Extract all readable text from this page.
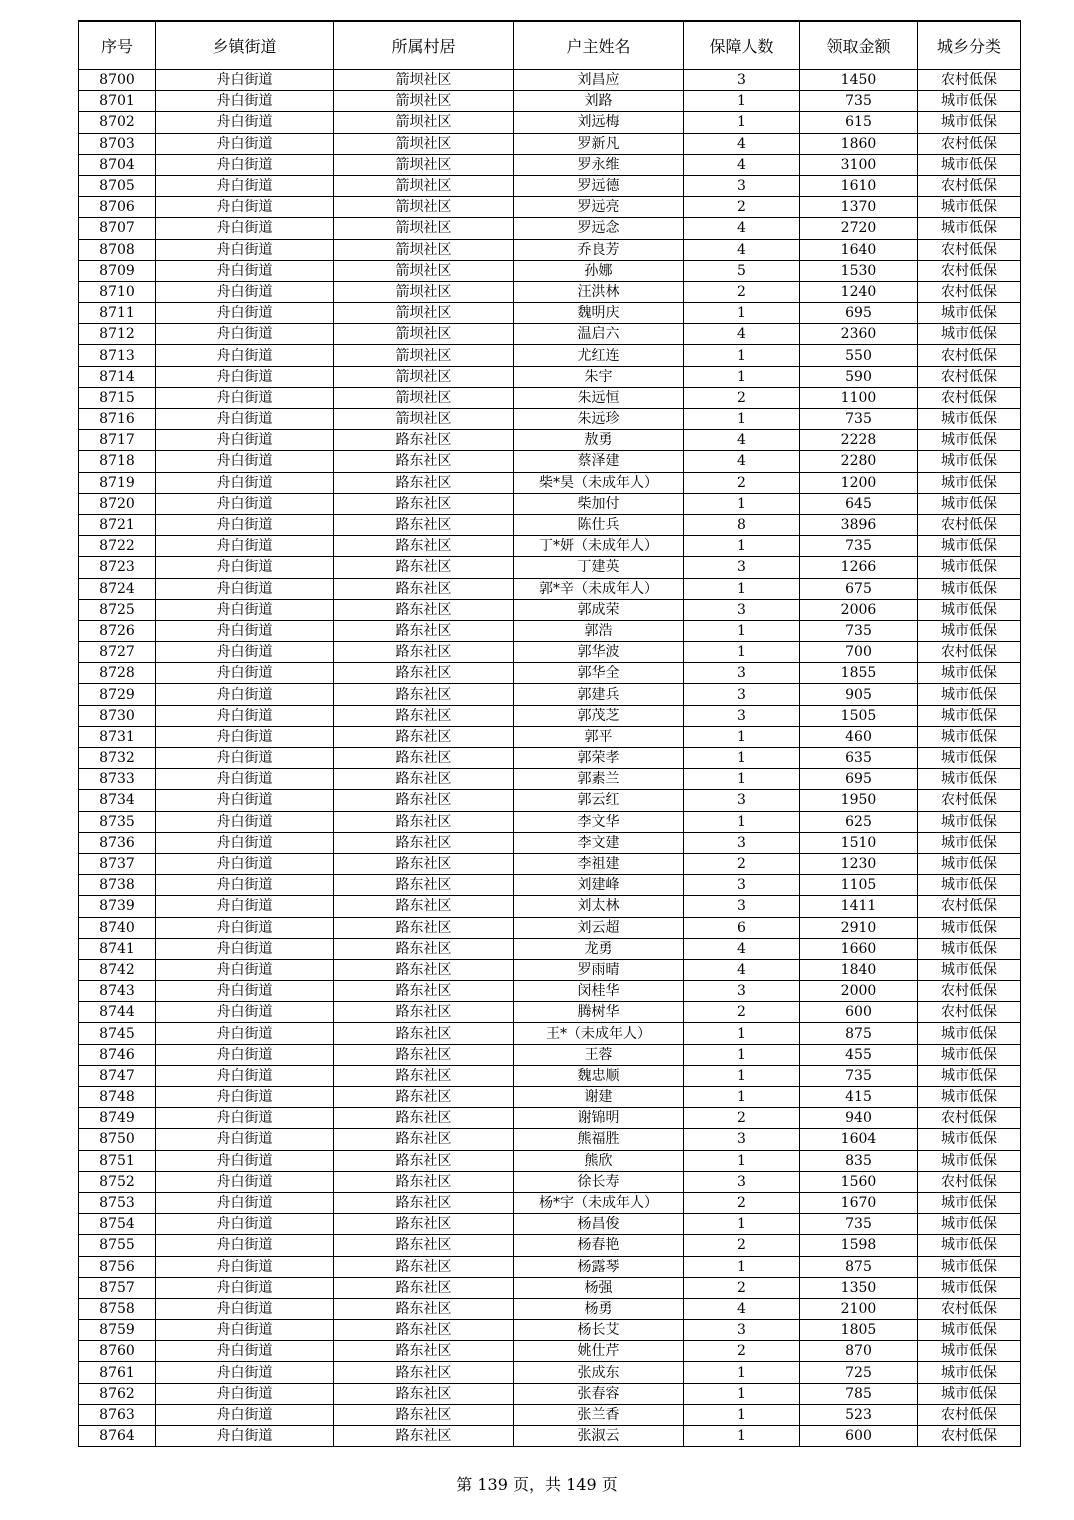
序号	乡镇街道	所属村居	户主姓名	保障人数	领取金额	城乡分类
8700	舟白街道	箭坝社区	刘昌应	3	1450	农村低保
8701	舟白街道	箭坝社区	刘路	1	735	城市低保
8702	舟白街道	箭坝社区	刘远梅	1	615	城市低保
8703	舟白街道	箭坝社区	罗新凡	4	1860	农村低保
8704	舟白街道	箭坝社区	罗永维	4	3100	城市低保
8705	舟白街道	箭坝社区	罗远德	3	1610	农村低保
8706	舟白街道	箭坝社区	罗远亮	2	1370	城市低保
8707	舟白街道	箭坝社区	罗远念	4	2720	城市低保
8708	舟白街道	箭坝社区	乔良芳	4	1640	农村低保
8709	舟白街道	箭坝社区	孙娜	5	1530	农村低保
8710	舟白街道	箭坝社区	汪洪林	2	1240	农村低保
8711	舟白街道	箭坝社区	魏明庆	1	695	城市低保
8712	舟白街道	箭坝社区	温启六	4	2360	城市低保
8713	舟白街道	箭坝社区	尤红连	1	550	农村低保
8714	舟白街道	箭坝社区	朱宇	1	590	农村低保
8715	舟白街道	箭坝社区	朱远恒	2	1100	农村低保
8716	舟白街道	箭坝社区	朱远珍	1	735	城市低保
8717	舟白街道	路东社区	敖勇	4	2228	城市低保
8718	舟白街道	路东社区	蔡泽建	4	2280	城市低保
8719	舟白街道	路东社区	柴*昊（未成年人）	2	1200	城市低保
8720	舟白街道	路东社区	柴加付	1	645	城市低保
8721	舟白街道	路东社区	陈仕兵	8	3896	农村低保
8722	舟白街道	路东社区	丁*妍（未成年人）	1	735	城市低保
8723	舟白街道	路东社区	丁建英	3	1266	城市低保
8724	舟白街道	路东社区	郭*辛（未成年人）	1	675	城市低保
8725	舟白街道	路东社区	郭成荣	3	2006	城市低保
8726	舟白街道	路东社区	郭浩	1	735	城市低保
8727	舟白街道	路东社区	郭华波	1	700	农村低保
8728	舟白街道	路东社区	郭华全	3	1855	城市低保
8729	舟白街道	路东社区	郭建兵	3	905	城市低保
8730	舟白街道	路东社区	郭茂芝	3	1505	城市低保
8731	舟白街道	路东社区	郭平	1	460	城市低保
8732	舟白街道	路东社区	郭荣孝	1	635	城市低保
8733	舟白街道	路东社区	郭素兰	1	695	城市低保
8734	舟白街道	路东社区	郭云红	3	1950	农村低保
8735	舟白街道	路东社区	李文华	1	625	城市低保
8736	舟白街道	路东社区	李文建	3	1510	城市低保
8737	舟白街道	路东社区	李祖建	2	1230	城市低保
8738	舟白街道	路东社区	刘建峰	3	1105	城市低保
8739	舟白街道	路东社区	刘太林	3	1411	农村低保
8740	舟白街道	路东社区	刘云超	6	2910	城市低保
8741	舟白街道	路东社区	龙勇	4	1660	城市低保
8742	舟白街道	路东社区	罗雨晴	4	1840	城市低保
8743	舟白街道	路东社区	闵桂华	3	2000	农村低保
8744	舟白街道	路东社区	腾树华	2	600	农村低保
8745	舟白街道	路东社区	王*（未成年人）	1	875	城市低保
8746	舟白街道	路东社区	王蓉	1	455	城市低保
8747	舟白街道	路东社区	魏忠顺	1	735	城市低保
8748	舟白街道	路东社区	谢建	1	415	城市低保
8749	舟白街道	路东社区	谢锦明	2	940	农村低保
8750	舟白街道	路东社区	熊福胜	3	1604	城市低保
8751	舟白街道	路东社区	熊欣	1	835	城市低保
8752	舟白街道	路东社区	徐长寿	3	1560	农村低保
8753	舟白街道	路东社区	杨*宇（未成年人）	2	1670	城市低保
8754	舟白街道	路东社区	杨昌俊	1	735	城市低保
8755	舟白街道	路东社区	杨春艳	2	1598	城市低保
8756	舟白街道	路东社区	杨露琴	1	875	城市低保
8757	舟白街道	路东社区	杨强	2	1350	城市低保
8758	舟白街道	路东社区	杨勇	4	2100	农村低保
8759	舟白街道	路东社区	杨长艾	3	1805	城市低保
8760	舟白街道	路东社区	姚仕芹	2	870	城市低保
8761	舟白街道	路东社区	张成东	1	725	城市低保
8762	舟白街道	路东社区	张春容	1	785	城市低保
8763	舟白街道	路东社区	张兰香	1	523	农村低保
8764	舟白街道	路东社区	张淑云	1	600	农村低保
第 139 页，共 149 页
